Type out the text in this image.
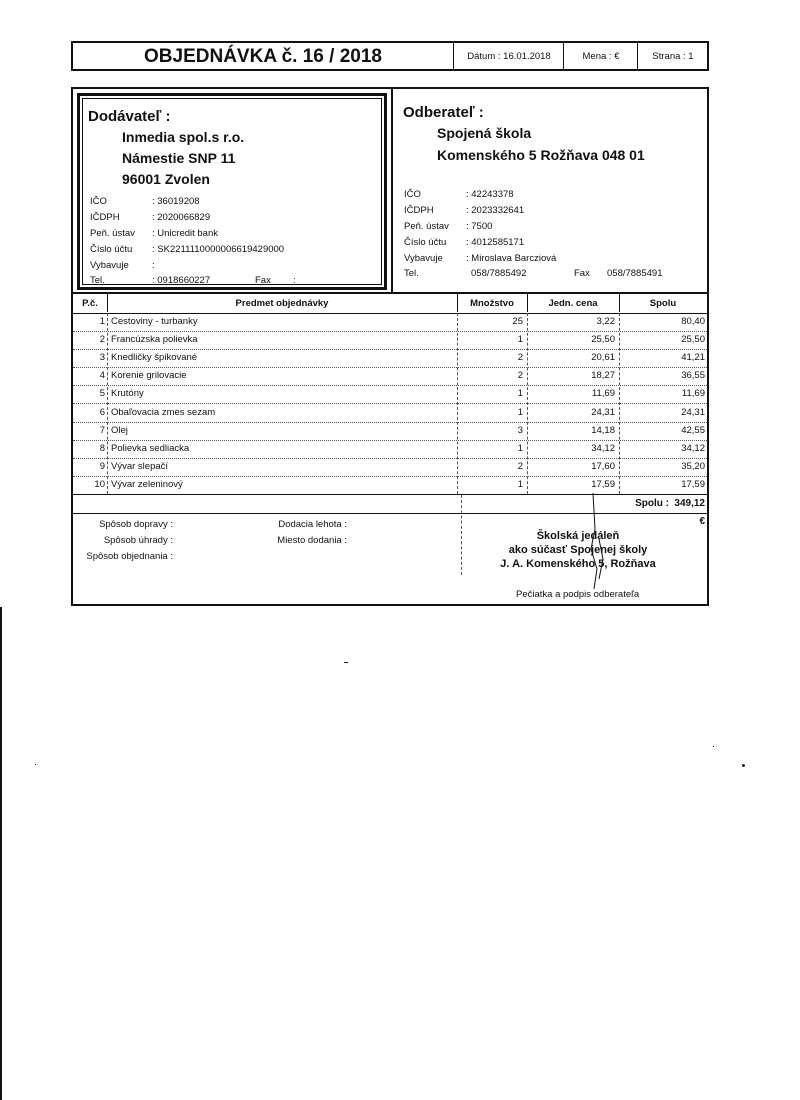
OBJEDNÁVKA č. 16 / 2018	Dátum : 16.01.2018	Mena : €	Strana : 1
Dodávateľ :
Inmedia spol.s r.o.
Námestie SNP 11
96001 Zvolen
IČO	: 36019208
IČDPH	: 2020066829
Peň. ústav : Unicredit bank
Číslo účtu : SK2211110000006619429000
Vybavuje :
Tel.	: 0918660227	Fax :
Odberateľ :
Spojená škola
Komenského 5 Rožňava 048 01
IČO	: 42243378
IČDPH	: 2023332641
Peň. ústav : 7500
Číslo účtu : 4012585171
Vybavuje : Miroslava Barcziová
Tel.	058/7885492	Fax 058/7885491
P.č.	Predmet objednávky	Množstvo	Jedn. cena	Spolu
1 Cestoviny - turbanky	25	3,22	80,40
2 Francúzska polievka	1	25,50	25,50
3 Knedličky špikované	2	20,61	41,21
4 Korenie grilovacie	2	18,27	36,55
5 Krutóny	1	11,69	11,69
6 Obaľovacia zmes sezam	1	24,31	24,31
7 Olej	3	14,18	42,55
8 Polievka sedliacka	1	34,12	34,12
9 Vývar slepačí	2	17,60	35,20
10 Vývar zeleninový	1	17,59	17,59
Spolu : 349,12 €
Spôsob dopravy :
Spôsob úhrady :
Spôsob objednania :
Dodacia lehota :
Miesto dodania :	Školská jedáleň
ako súčasť Spojenej školy
J. A. Komenského 5, Rožňava
Pečiatka a podpis odberateľa
